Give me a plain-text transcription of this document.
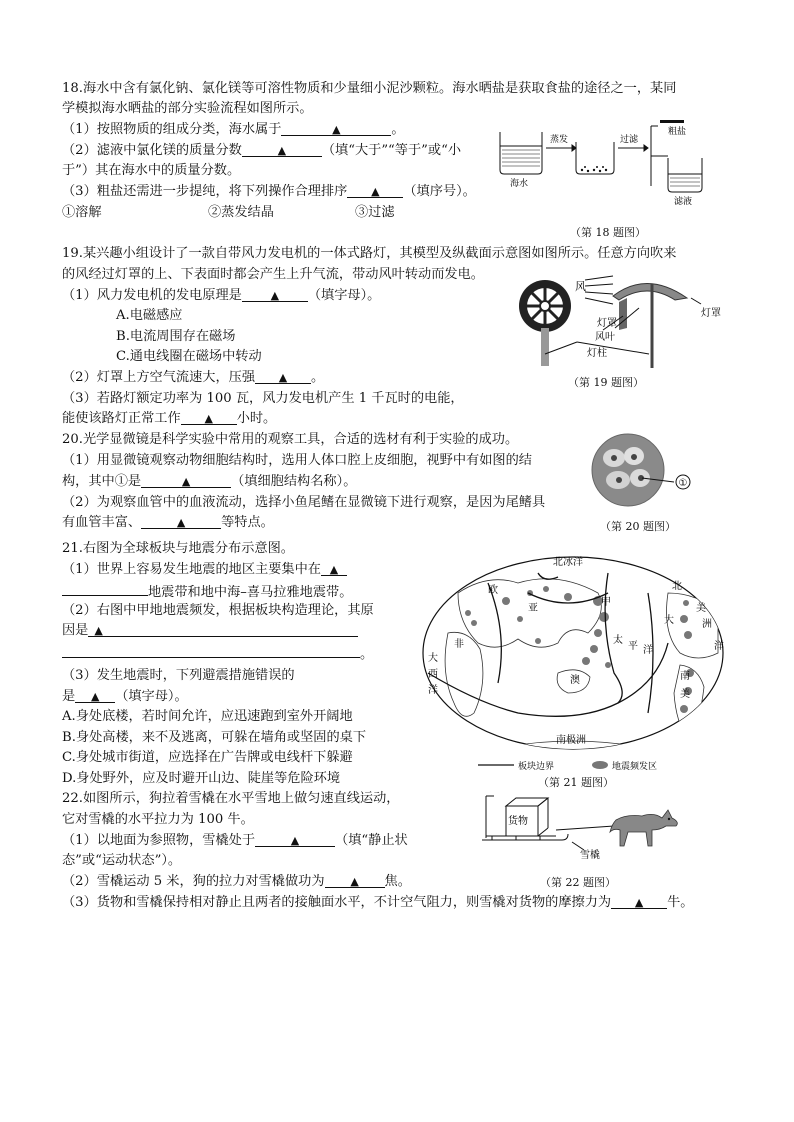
18.海水中含有氯化钠、氯化镁等可溶性物质和少量细小泥沙颗粒。海水晒盐是获取食盐的途径之一，某同
学模拟海水晒盐的部分实验流程如图所示。
（1）按照物质的组成分类，海水属于	▲	。
（2）滤液中氯化镁的质量分数	▲	（填“大于”“等于”或“小
于”）其在海水中的质量分数。
（3）粗盐还需进一步提纯，将下列操作合理排序 ▲ （填序号）。
①溶解	②蒸发结晶	③过滤
海水
蒸发	过滤
粗盐
滤液
（第 18 题图）
19.某兴趣小组设计了一款自带风力发电机的一体式路灯，其模型及纵截面示意图如图所示。任意方向吹来
的风经过灯罩的上、下表面时都会产生上升气流，带动风叶转动而发电。
（1）风力发电机的发电原理是	▲ （填字母）。
A.电磁感应
B.电流周围存在磁场
C.通电线圈在磁场中转动
（2）灯罩上方空气流速大，压强 ▲ 。
（3）若路灯额定功率为 100 瓦，风力发电机产生 1 千瓦时的电能，
能使该路灯正常工作 ▲ 小时。
风
灯罩
风叶
灯柱
灯罩
（第 19 题图）
20.光学显微镜是科学实验中常用的观察工具，合适的选材有利于实验的成功。
（1）用显微镜观察动物细胞结构时，选用人体口腔上皮细胞，视野中有如图的结
构，其中①是	▲	（填细胞结构名称）。
（2）为观察血管中的血液流动，选择小鱼尾鳍在显微镜下进行观察，是因为尾鳍具
有血管丰富、	▲	等特点。
①
（第 20 题图）
21.右图为全球板块与地震分布示意图。
（1）世界上容易发生地震的地区主要集中在 ▲
地震带和地中海–喜马拉雅地震带。
（2）右图中甲地地震频发，根据板块构造理论，其原
因是 ▲
。
（3）发生地震时，下列避震措施错误的
是 ▲ （填字母）。
A.身处底楼，若时间允许，应迅速跑到室外开阔地
B.身处高楼，来不及逃离，可躲在墙角或坚固的桌下
C.身处城市街道，应选择在广告牌或电线杆下躲避
D.身处野外，应及时避开山边、陡崖等危险环境
北冰洋
甲
太
平 洋
亚
欧
非
大
西
洋
北
美
洲
南
美
大
洋
澳
南极洲
板块边界	地震频发区
（第 21 题图）
22.如图所示，狗拉着雪橇在水平雪地上做匀速直线运动，
它对雪橇的水平拉力为 100 牛。
（1）以地面为参照物，雪橇处于	▲	（填“静止状
态”或“运动状态”）。
（2）雪橇运动 5 米，狗的拉力对雪橇做功为 ▲ 焦。
（3）货物和雪橇保持相对静止且两者的接触面水平，不计空气阻力，则雪橇对货物的摩擦力为 ▲ 牛。
货物
雪橇
（第 22 题图）
